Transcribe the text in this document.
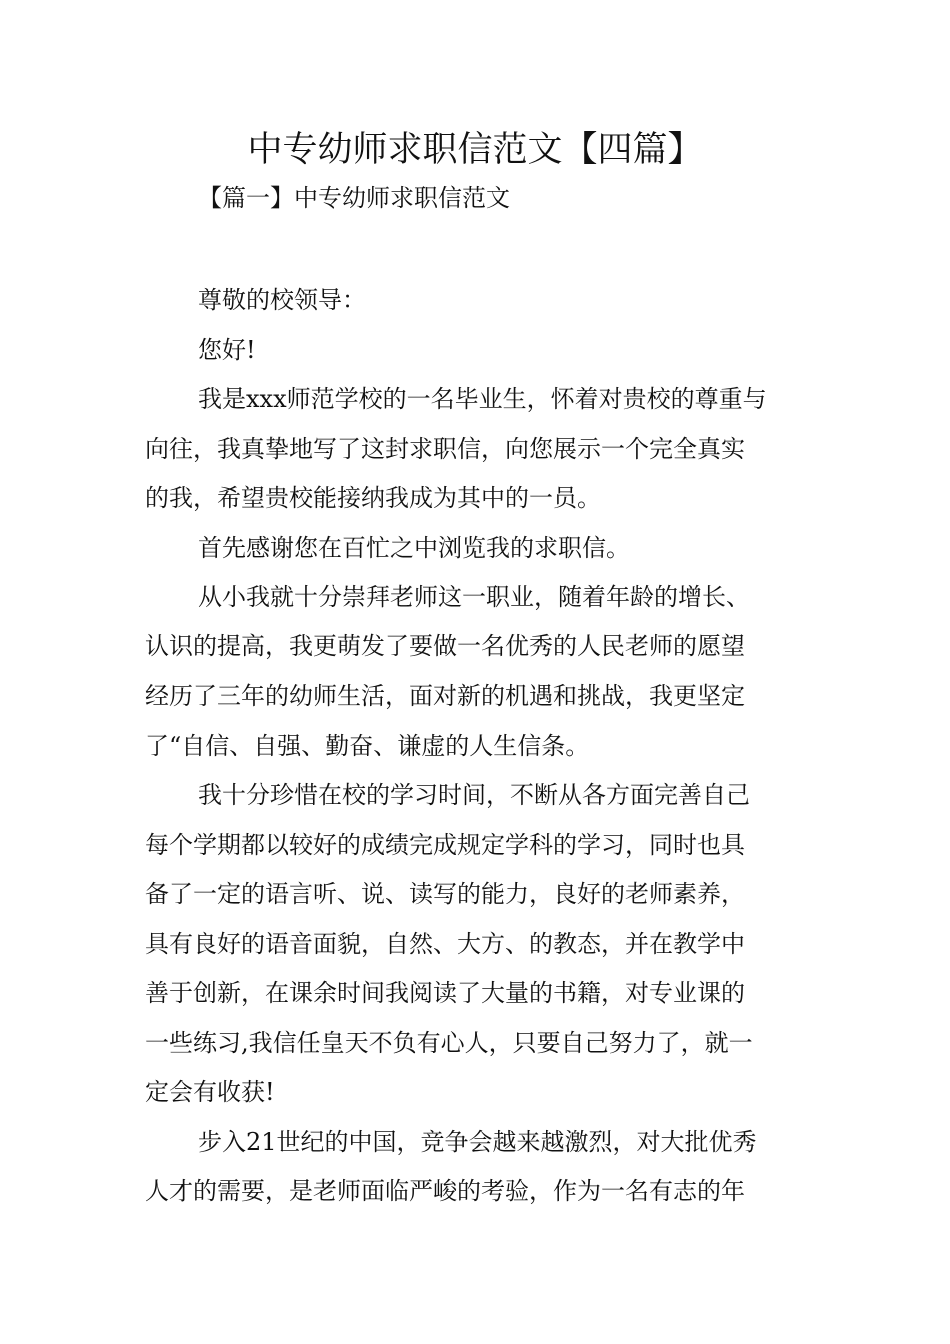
中专幼师求职信范文【四篇】

【篇一】中专幼师求职信范文

尊敬的校领导：
您好!
我是xxx师范学校的一名毕业生，怀着对贵校的尊重与
向往，我真挚地写了这封求职信，向您展示一个完全真实
的我，希望贵校能接纳我成为其中的一员。
首先感谢您在百忙之中浏览我的求职信。
从小我就十分崇拜老师这一职业，随着年龄的增长、
认识的提高，我更萌发了要做一名优秀的人民老师的愿望
经历了三年的幼师生活，面对新的机遇和挑战，我更坚定
了“自信、自强、勤奋、谦虚的人生信条。
我十分珍惜在校的学习时间，不断从各方面完善自己
每个学期都以较好的成绩完成规定学科的学习，同时也具
备了一定的语言听、说、读写的能力，良好的老师素养，
具有良好的语音面貌，自然、大方、的教态，并在教学中
善于创新，在课余时间我阅读了大量的书籍，对专业课的
一些练习,我信任皇天不负有心人，只要自己努力了，就一
定会有收获!
步入21世纪的中国，竞争会越来越激烈，对大批优秀
人才的需要，是老师面临严峻的考验，作为一名有志的年
